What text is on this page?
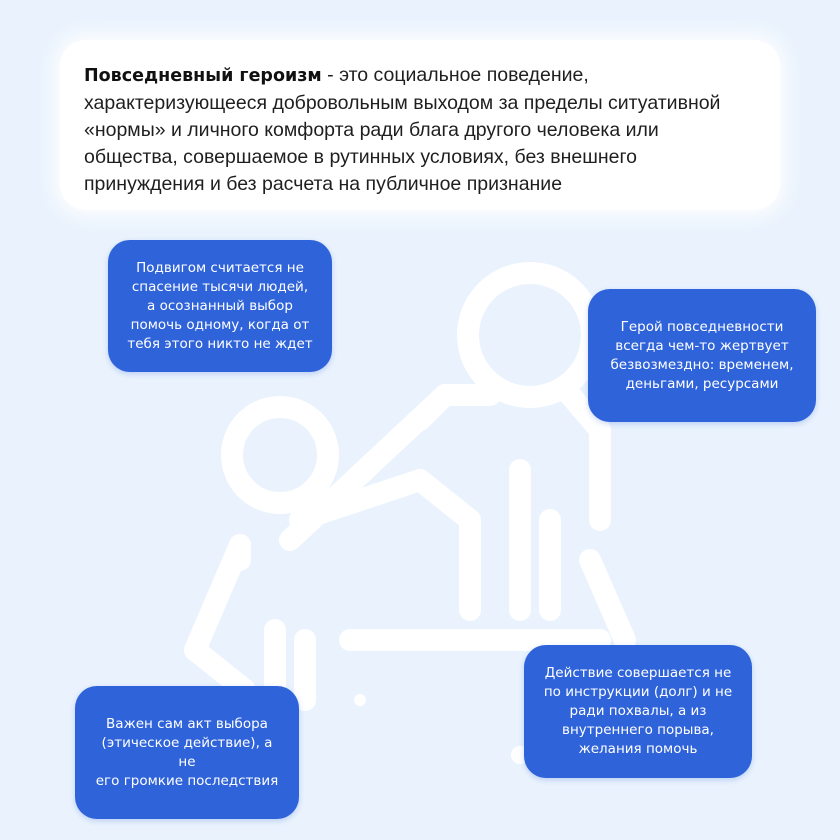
Повседневный героизм - это социальное поведение, характеризующееся добровольным выходом за пределы ситуативной «нормы» и личного комфорта ради блага другого человека или общества, совершаемое в рутинных условиях, без внешнего принуждения и без расчета на публичное признание
Подвигом считается не
спасение тысячи людей,
а осознанный выбор
помочь одному, когда от
тебя этого никто не ждет
Герой повседневности
всегда чем-то жертвует
безвозмездно: временем,
деньгами, ресурсами
Действие совершается не
по инструкции (долг) и не
ради похвалы, а из
внутреннего порыва,
желания помочь
Важен сам акт выбора
(этическое действие), а не
его громкие последствия
